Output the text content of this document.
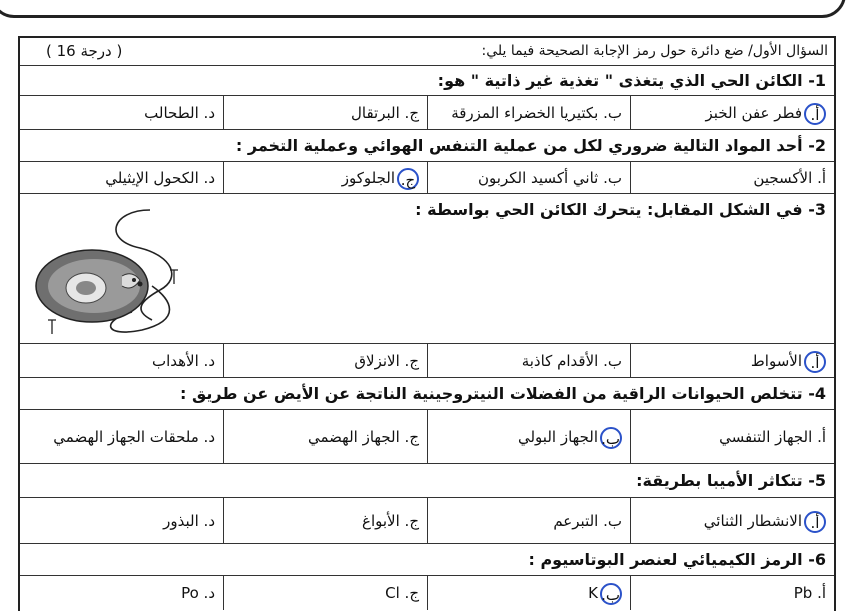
السؤال الأول/ ضع دائرة حول رمز الإجابة الصحيحة فيما يلي:
( 16 درجة )
1- الكائن الحي الذي يتغذى " تغذية غير ذاتية " هو:
أ.فطر عفن الخبز
ب. بكتيريا الخضراء المزرقة
ج. البرتقال
د. الطحالب
2- أحد المواد التالية ضروري لكل من عملية التنفس الهوائي وعملية التخمر :
أ. الأكسجين
ب. ثاني أكسيد الكربون
ج.الجلوكوز
د. الكحول الإيثيلي
3- في الشكل المقابل: يتحرك الكائن الحي بواسطة :
أ.الأسواط
ب. الأقدام كاذبة
ج. الانزلاق
د. الأهداب
4- تتخلص الحيوانات الراقية من الفضلات النيتروجينية الناتجة عن الأيض عن طريق :
أ. الجهاز التنفسي
ب.الجهاز البولي
ج. الجهاز الهضمي
د. ملحقات الجهاز الهضمي
5- تتكاثر الأميبا بطريقة:
أ.الانشطار الثنائي
ب. التبرعم
ج. الأبواغ
د. البذور
6- الرمز الكيميائي لعنصر البوتاسيوم :
أ. Pb
ب.K
ج. Cl
د. Po
